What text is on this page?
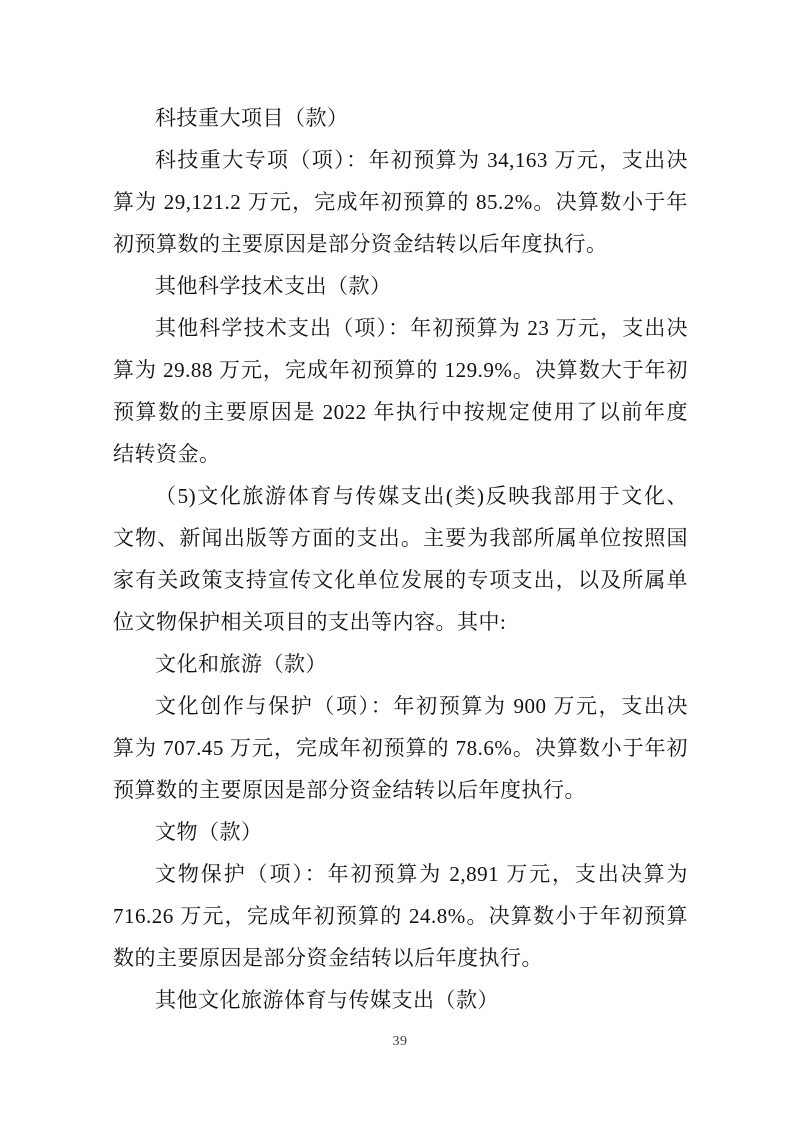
科技重大项目（款）
科技重大专项（项）：年初预算为 34,163 万元，支出决
算为 29,121.2 万元，完成年初预算的 85.2%。决算数小于年
初预算数的主要原因是部分资金结转以后年度执行。
其他科学技术支出（款）
其他科学技术支出（项）：年初预算为 23 万元，支出决
算为 29.88 万元，完成年初预算的 129.9%。决算数大于年初
预算数的主要原因是 2022 年执行中按规定使用了以前年度
结转资金。
（5)文化旅游体育与传媒支出(类)反映我部用于文化、
文物、新闻出版等方面的支出。主要为我部所属单位按照国
家有关政策支持宣传文化单位发展的专项支出，以及所属单
位文物保护相关项目的支出等内容。其中:
文化和旅游（款）
文化创作与保护（项）：年初预算为 900 万元，支出决
算为 707.45 万元，完成年初预算的 78.6%。决算数小于年初
预算数的主要原因是部分资金结转以后年度执行。
文物（款）
文物保护（项）：年初预算为 2,891 万元，支出决算为
716.26 万元，完成年初预算的 24.8%。决算数小于年初预算
数的主要原因是部分资金结转以后年度执行。
其他文化旅游体育与传媒支出（款）
39
